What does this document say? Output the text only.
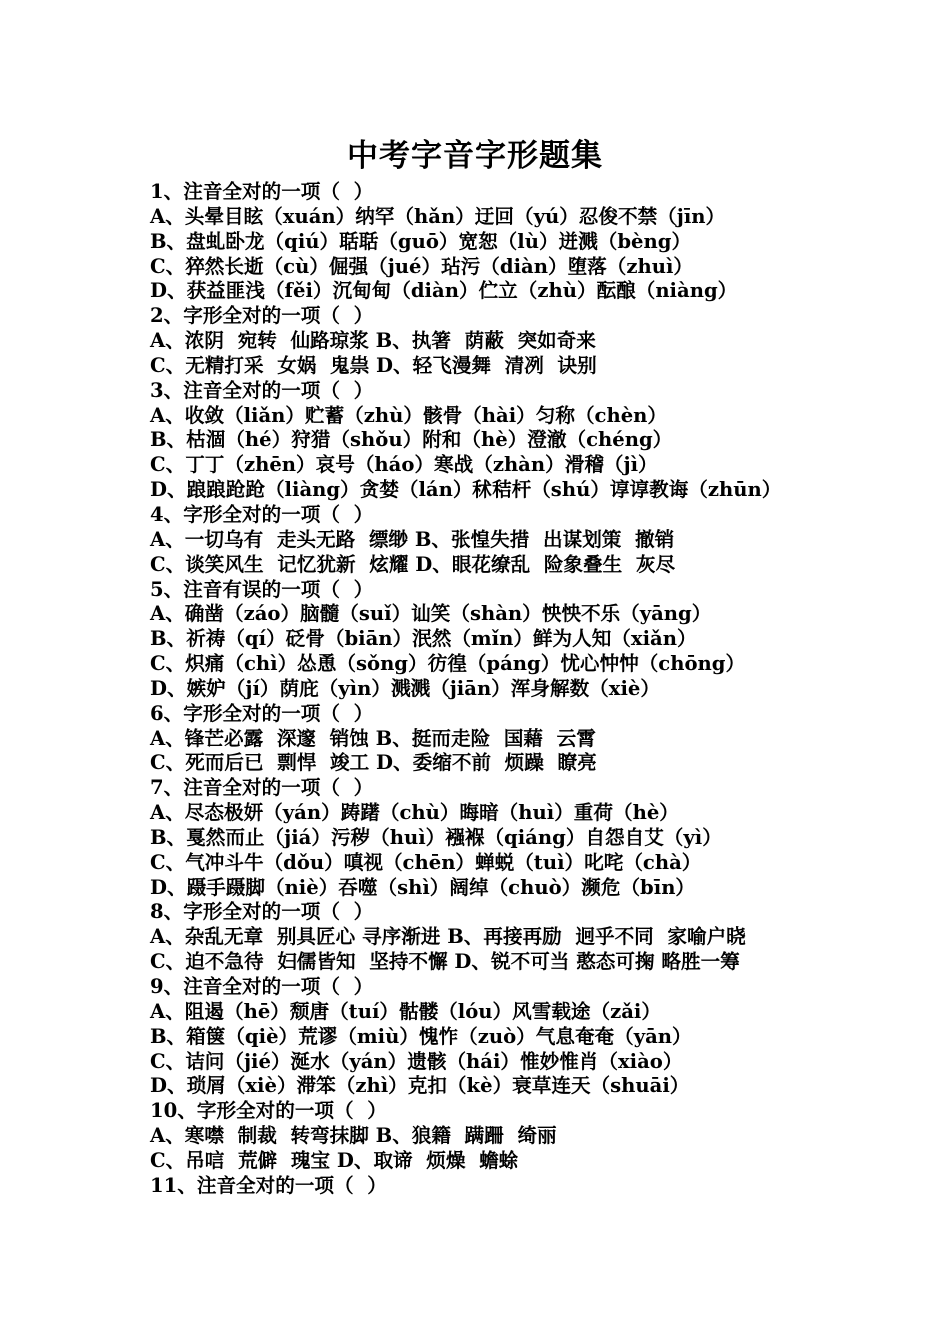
中考字音字形题集
1、注音全对的一项（  ）
A、头晕目眩（xuán）纳罕（hǎn）迂回（yú）忍俊不禁（jīn）
B、盘虬卧龙（qiú）聒聒（guō）宽恕（lù）迸溅（bèng）
C、猝然长逝（cù）倔强（jué）玷污（diàn）堕落（zhuì）
D、获益匪浅（fěi）沉甸甸（diàn）伫立（zhù）酝酿（niàng）
2、字形全对的一项（  ）
A、浓阴  宛转  仙路琼浆 B、执箸  荫蔽  突如奇来
C、无精打采  女娲  鬼祟 D、轻飞漫舞  清冽  诀别
3、注音全对的一项（  ）
A、收敛（liǎn）贮蓄（zhù）骸骨（hài）匀称（chèn）
B、枯涸（hé）狩猎（shǒu）附和（hè）澄澈（chéng）
C、丁丁（zhēn）哀号（háo）寒战（zhàn）滑稽（jì）
D、踉踉跄跄（liàng）贪婪（lán）秫秸杆（shú）谆谆教诲（zhūn）
4、字形全对的一项（  ）
A、一切乌有  走头无路  缥缈 B、张惶失措  出谋划策  撤销
C、谈笑风生  记忆犹新  炫耀 D、眼花缭乱  险象叠生  灰尽
5、注音有误的一项（  ）
A、确凿（záo）脑髓（suǐ）讪笑（shàn）怏怏不乐（yāng）
B、祈祷（qí）砭骨（biān）泯然（mǐn）鲜为人知（xiǎn）
C、炽痛（chì）怂恿（sǒng）彷徨（páng）忧心忡忡（chōng）
D、嫉妒（jí）荫庇（yìn）溅溅（jiān）浑身解数（xiè）
6、字形全对的一项（  ）
A、锋芒必露  深邃  销蚀 B、挺而走险  国藉  云霄
C、死而后已  剽悍  竣工 D、委缩不前  烦躁  瞭亮
7、注音全对的一项（  ）
A、尽态极妍（yán）踌躇（chù）晦暗（huì）重荷（hè）
B、戛然而止（jiá）污秽（huì）襁褓（qiáng）自怨自艾（yì）
C、气冲斗牛（dǒu）嗔视（chēn）蝉蜕（tuì）叱咤（chà）
D、蹑手蹑脚（niè）吞噬（shì）阔绰（chuò）濒危（bīn）
8、字形全对的一项（  ）
A、杂乱无章  别具匠心 寻序渐进 B、再接再励  迥乎不同  家喻户晓
C、迫不急待  妇儒皆知  坚持不懈 D、锐不可当 憨态可掬 略胜一筹
9、注音全对的一项（  ）
A、阻遏（hē）颓唐（tuí）骷髅（lóu）风雪载途（zǎi）
B、箱箧（qiè）荒谬（miù）愧怍（zuò）气息奄奄（yān）
C、诘问（jié）涎水（yán）遗骸（hái）惟妙惟肖（xiào）
D、琐屑（xiè）滞笨（zhì）克扣（kè）衰草连天（shuāi）
10、字形全对的一项（  ）
A、寒噤  制裁  转弯抹脚 B、狼籍  蹒跚  绮丽
C、吊唁  荒僻  瑰宝 D、取谛  烦燥  蟾蜍
11、注音全对的一项（  ）
